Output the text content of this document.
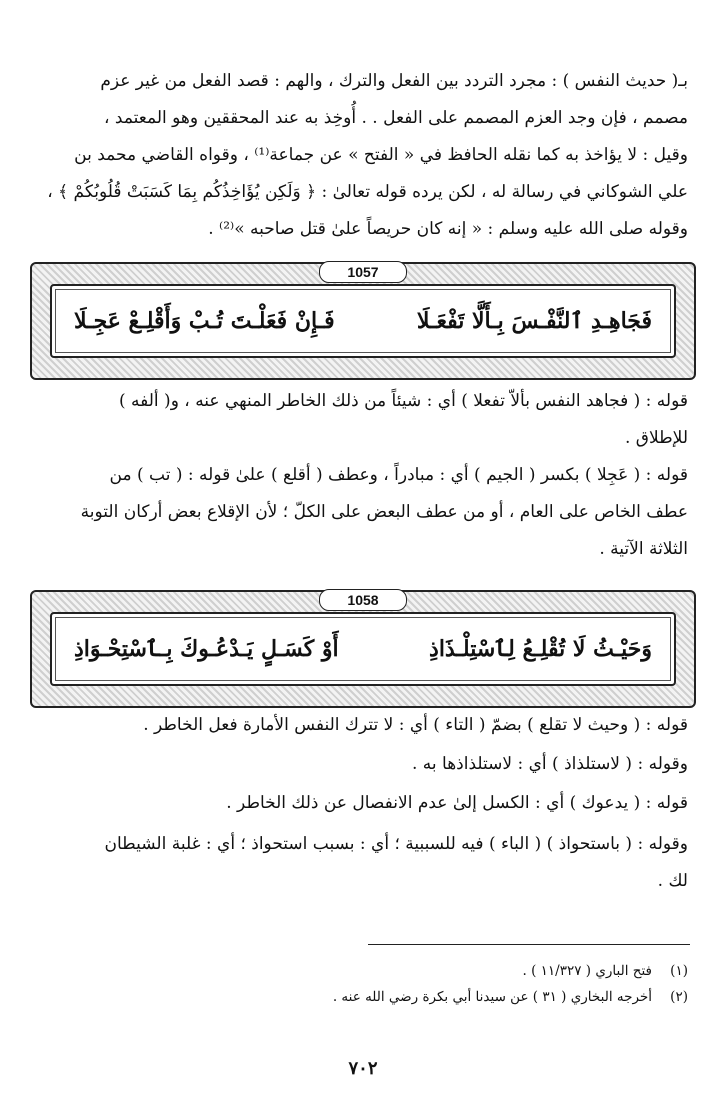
بـ( حديث النفس ) : مجرد التردد بين الفعل والترك ، والهم : قصد الفعل من غير عزم
مصمم ، فإن وجد العزم المصمم على الفعل . . أُوخِذ به عند المحققين وهو المعتمد ،
وقيل : لا يؤاخذ به كما نقله الحافظ في « الفتح » عن جماعة⁽¹⁾ ، وقواه القاضي محمد بن
علي الشوكاني في رسالة له ، لكن يرده قوله تعالىٰ : ﴿ وَلَكِن يُؤَاخِذُكُم بِمَا كَسَبَتْ قُلُوبُكُمْ ﴾ ،
وقوله صلى الله عليه وسلم : « إنه كان حريصاً علىٰ قتل صاحبه »⁽²⁾ .
1057
فَجَاهِـدِ ٱلنَّفْـسَ بِـأَلَّا تَفْعَـلَا
فَـإِنْ فَعَلْـتَ تُـبْ وَأَقْلِـعْ عَجِـلَا
قوله : ( فجاهد النفس بألاّ تفعلا ) أي : شيئاً من ذلك الخاطر المنهي عنه ، و( ألفه )
للإطلاق .
قوله : ( عَجِلا ) بكسر ( الجيم ) أي : مبادراً ، وعطف ( أقلع ) علىٰ قوله : ( تب ) من
عطف الخاص على العام ، أو من عطف البعض على الكلّ ؛ لأن الإقلاع بعض أركان التوبة
الثلاثة الآتية .
1058
وَحَيْـثُ لَا تُقْلِـعُ لِٱسْتِلْـذَاذِ
أَوْ كَسَـلٍ يَـدْعُـوكَ بِـٱسْتِحْـوَاذِ
قوله : ( وحيث لا تقلع ) بضمّ ( التاء ) أي : لا تترك النفس الأمارة فعل الخاطر .
وقوله : ( لاستلذاذ ) أي : لاستلذاذها به .
قوله : ( يدعوك ) أي : الكسل إلىٰ عدم الانفصال عن ذلك الخاطر .
وقوله : ( باستحواذ ) ( الباء ) فيه للسببية ؛ أي : بسبب استحواذ ؛ أي : غلبة الشيطان
لك .
(١)فتح الباري ( ١١/٣٢٧ ) .
(٢)أخرجه البخاري ( ٣١ ) عن سيدنا أبي بكرة رضي الله عنه .
٧٠٢
